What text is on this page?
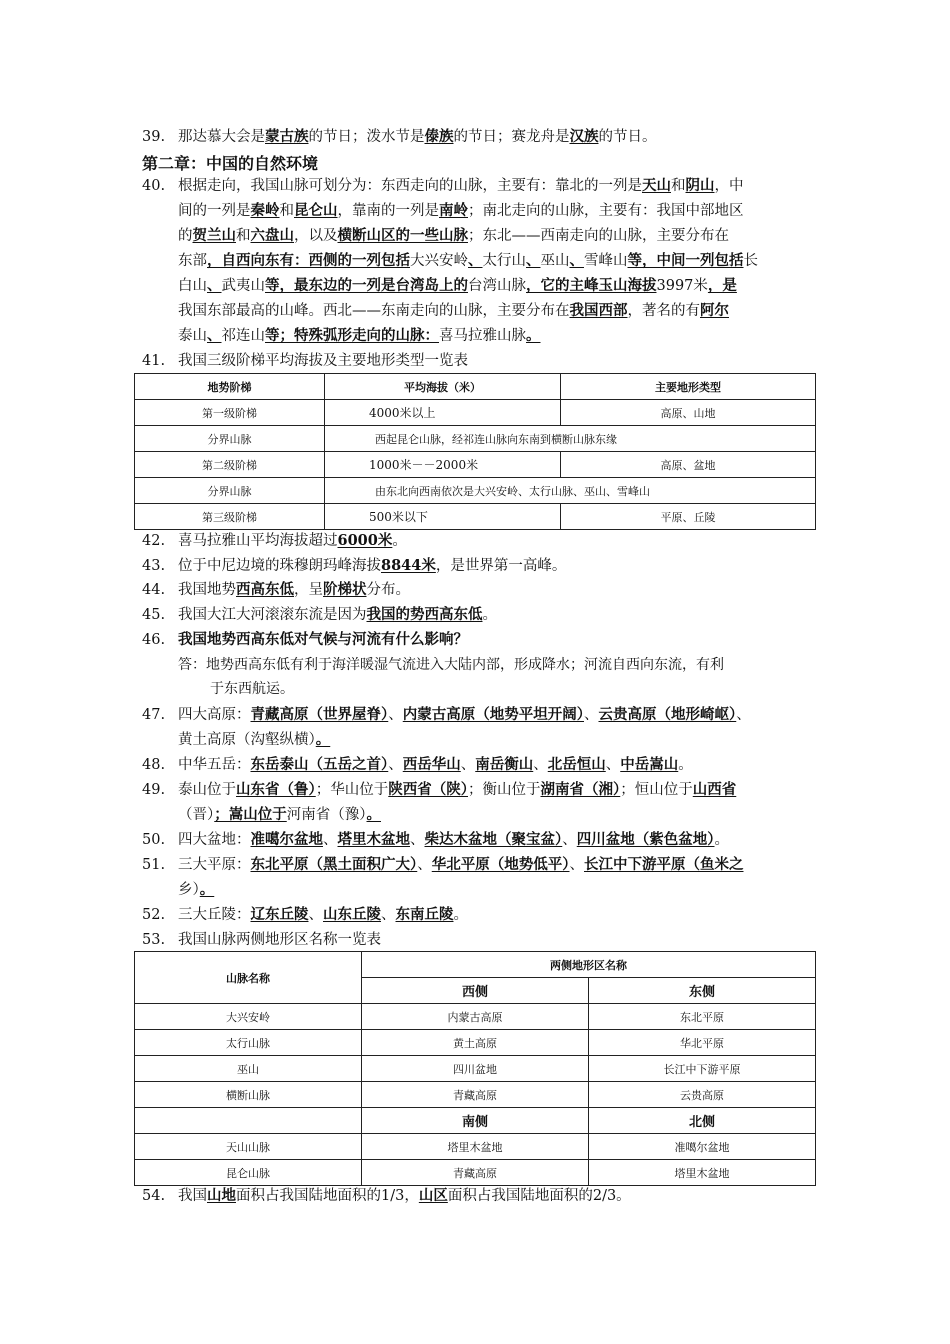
39. 那达慕大会是蒙古族的节日；泼水节是傣族的节日；赛龙舟是汉族的节日。
第二章：中国的自然环境
40. 根据走向，我国山脉可划分为：东西走向的山脉，主要有：靠北的一列是天山和阴山，中
间的一列是秦岭和昆仑山，靠南的一列是南岭；南北走向的山脉，主要有：我国中部地区
的贺兰山和六盘山，以及横断山区的一些山脉；东北——西南走向的山脉，主要分布在
东部，自西向东有：西侧的一列包括大兴安岭、太行山、巫山、雪峰山等，中间一列包括长
白山、武夷山等，最东边的一列是台湾岛上的台湾山脉，它的主峰玉山海拔3997米，是
我国东部最高的山峰。西北——东南走向的山脉，主要分布在我国西部，著名的有阿尔
泰山、祁连山等；特殊弧形走向的山脉：喜马拉雅山脉。
41. 我国三级阶梯平均海拔及主要地形类型一览表
地势阶梯	平均海拔（米）	主要地形类型
第一级阶梯	4000米以上	高原、山地
分界山脉	西起昆仑山脉，经祁连山脉向东南到横断山脉东缘	
第二级阶梯	1000米－－2000米	高原、盆地
分界山脉	由东北向西南依次是大兴安岭、太行山脉、巫山、雪峰山	
第三级阶梯	500米以下	平原、丘陵
42. 喜马拉雅山平均海拔超过6000米。
43. 位于中尼边境的珠穆朗玛峰海拔8844米，是世界第一高峰。
44. 我国地势西高东低，呈阶梯状分布。
45. 我国大江大河滚滚东流是因为我国的势西高东低。
46. 我国地势西高东低对气候与河流有什么影响？
答：地势西高东低有利于海洋暖湿气流进入大陆内部，形成降水；河流自西向东流，有利
于东西航运。
47. 四大高原：青藏高原（世界屋脊）、内蒙古高原（地势平坦开阔）、云贵高原（地形崎岖）、
黄土高原（沟壑纵横）。
48. 中华五岳：东岳泰山（五岳之首）、西岳华山、南岳衡山、北岳恒山、中岳嵩山。
49. 泰山位于山东省（鲁）；华山位于陕西省（陕）；衡山位于湖南省（湘）；恒山位于山西省
（晋）；嵩山位于河南省（豫）。
50. 四大盆地：准噶尔盆地、塔里木盆地、柴达木盆地（聚宝盆）、四川盆地（紫色盆地）。
51. 三大平原：东北平原（黑土面积广大）、华北平原（地势低平）、长江中下游平原（鱼米之
乡）。
52. 三大丘陵：辽东丘陵、山东丘陵、东南丘陵。
53. 我国山脉两侧地形区名称一览表
山脉名称	两侧地形区名称	
	西侧	东侧
大兴安岭	内蒙古高原	东北平原
太行山脉	黄土高原	华北平原
巫山	四川盆地	长江中下游平原
横断山脉	青藏高原	云贵高原
	南侧	北侧
天山山脉	塔里木盆地	准噶尔盆地
昆仑山脉	青藏高原	塔里木盆地
54. 我国山地面积占我国陆地面积的1/3，山区面积占我国陆地面积的2/3。
